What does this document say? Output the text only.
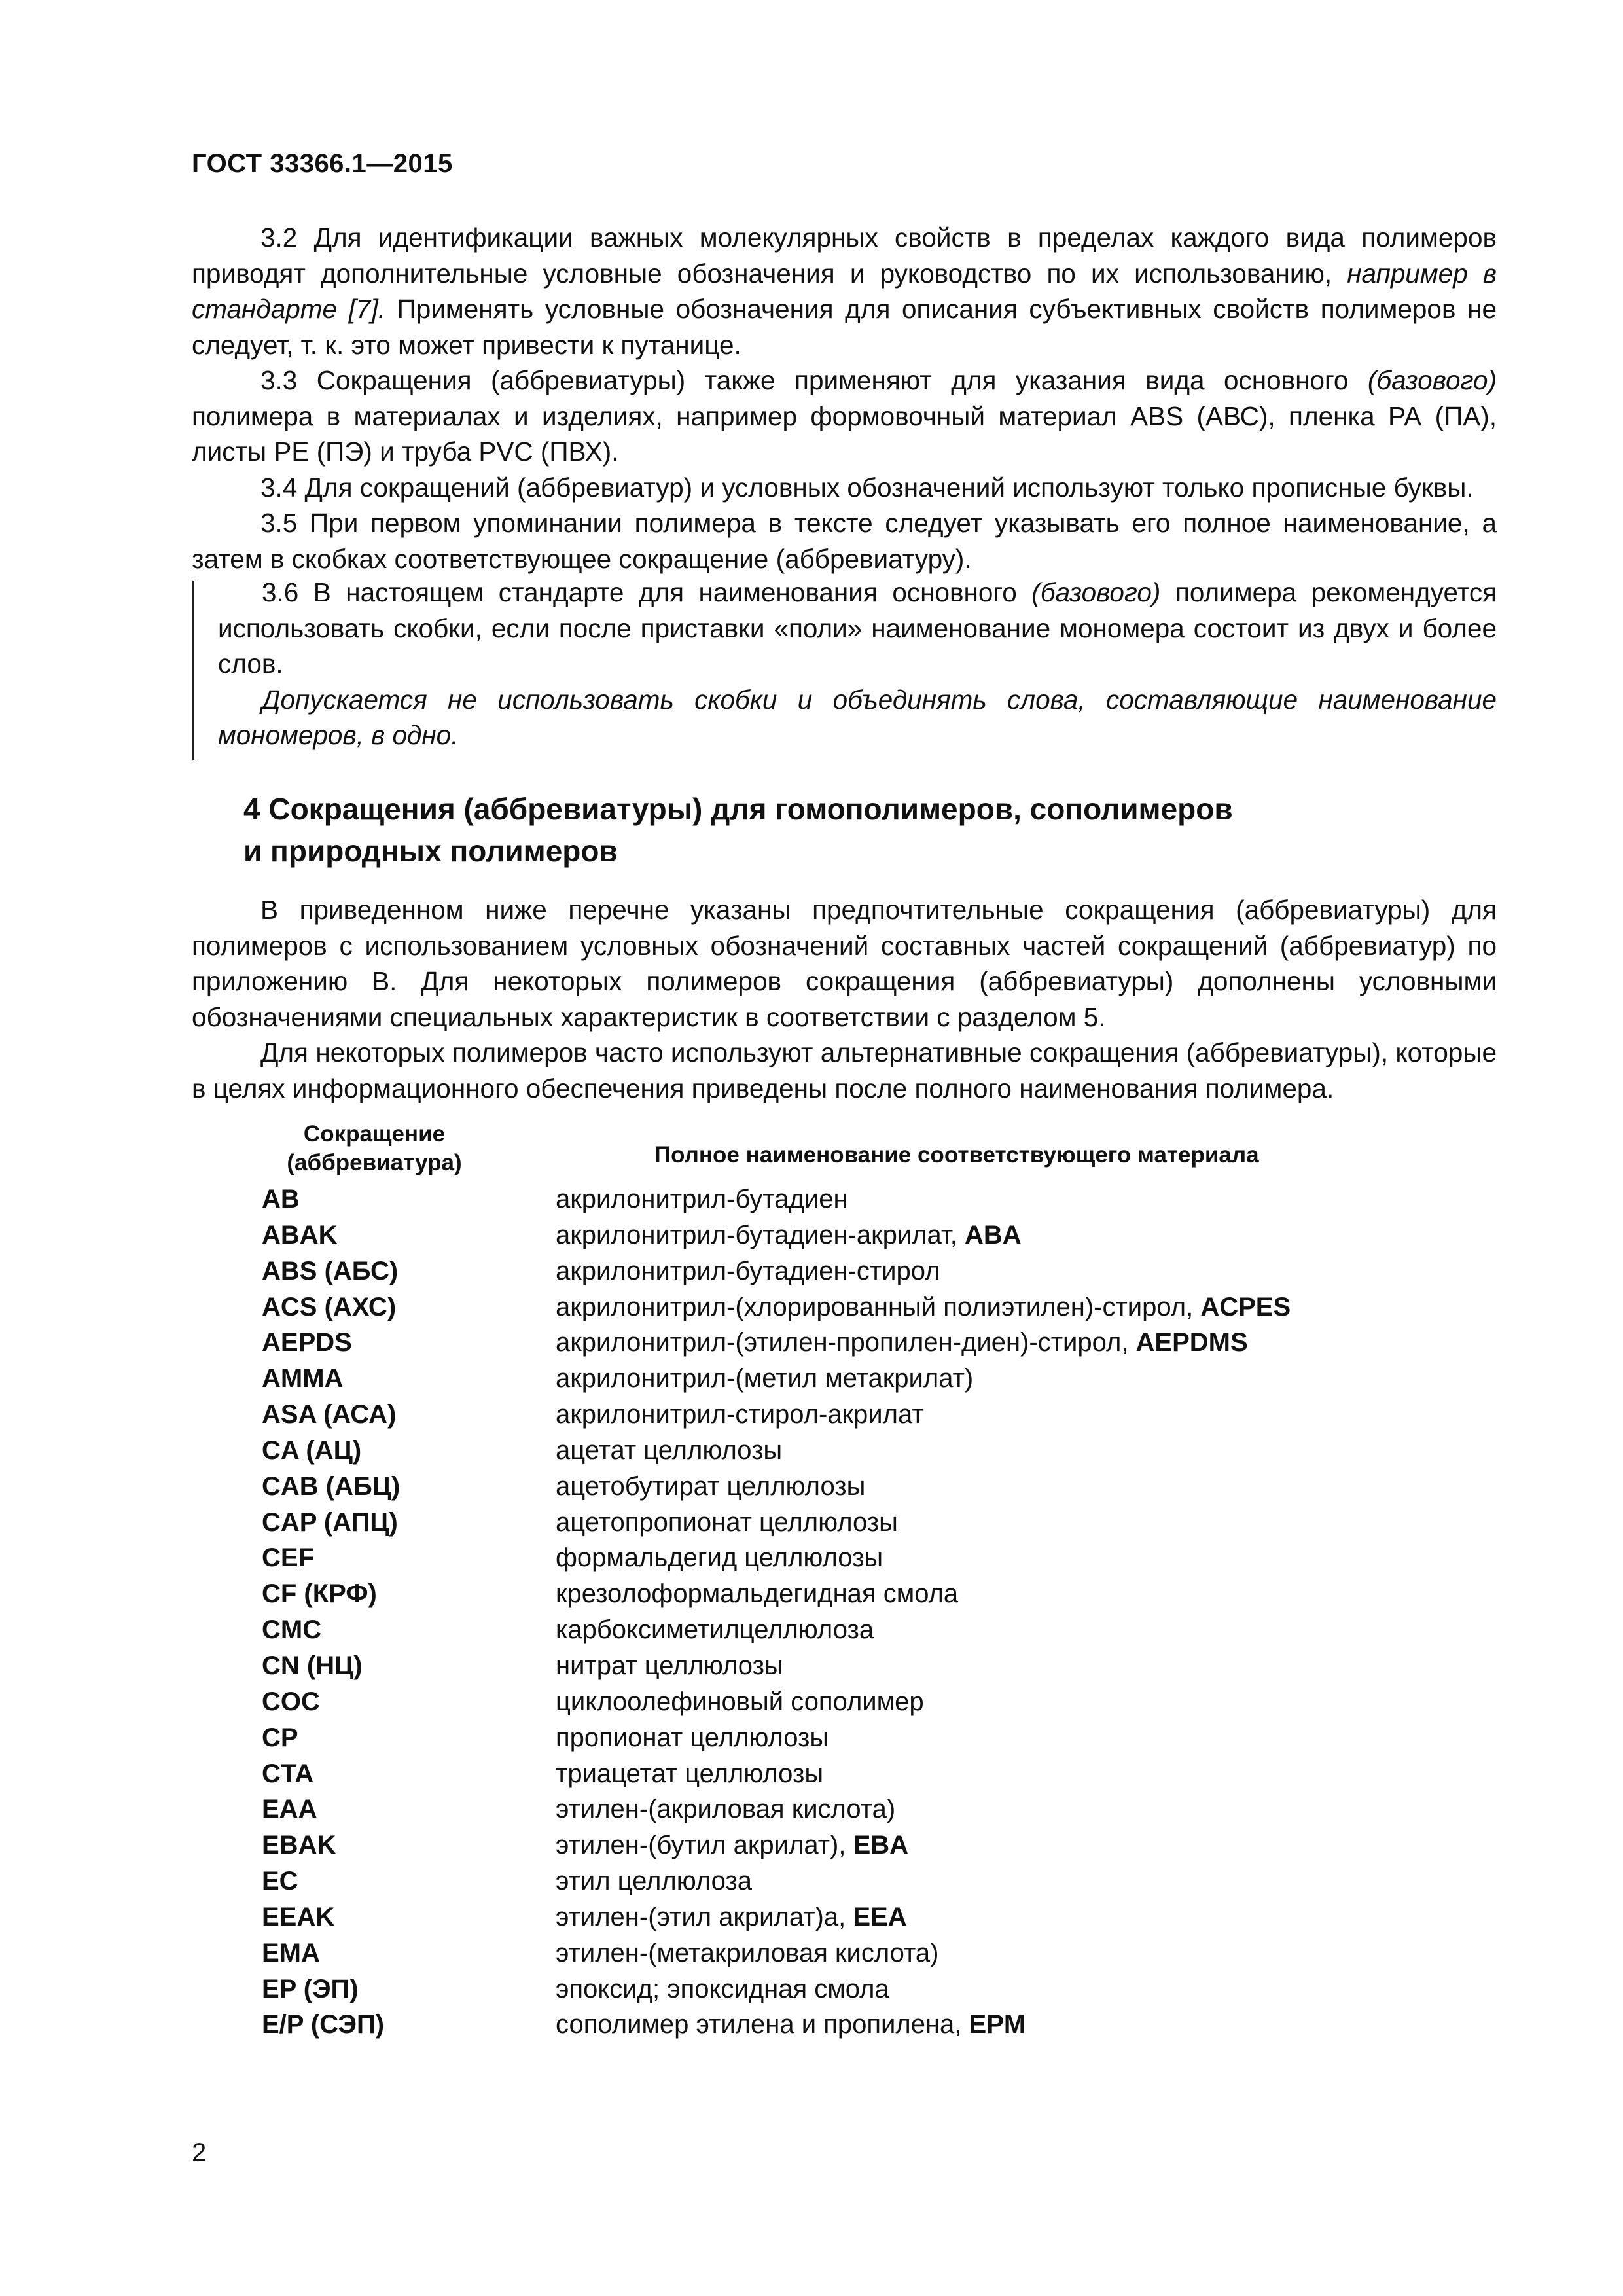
ГОСТ 33366.1—2015

3.2 Для идентификации важных молекулярных свойств в пределах каждого вида полимеров приводят дополнительные условные обозначения и руководство по их использованию, например в стандарте [7]. Применять условные обозначения для описания субъективных свойств полимеров не следует, т. к. это может привести к путанице.

3.3 Сокращения (аббревиатуры) также применяют для указания вида основного (базового) полимера в материалах и изделиях, например формовочный материал ABS (АВС), пленка РА (ПА), листы РЕ (ПЭ) и труба PVC (ПВХ).

3.4 Для сокращений (аббревиатур) и условных обозначений используют только прописные буквы.

3.5 При первом упоминании полимера в тексте следует указывать его полное наименование, а затем в скобках соответствующее сокращение (аббревиатуру).

3.6 В настоящем стандарте для наименования основного (базового) полимера рекомендуется использовать скобки, если после приставки «поли» наименование мономера состоит из двух и более слов.

Допускается не использовать скобки и объединять слова, составляющие наименование мономеров, в одно.

4 Сокращения (аббревиатуры) для гомополимеров, сополимеров
и природных полимеров

В приведенном ниже перечне указаны предпочтительные сокращения (аббревиатуры) для полимеров с использованием условных обозначений составных частей сокращений (аббревиатур) по приложению В. Для некоторых полимеров сокращения (аббревиатуры) дополнены условными обозначениями специальных характеристик в соответствии с разделом 5.

Для некоторых полимеров часто используют альтернативные сокращения (аббревиатуры), которые в целях информационного обеспечения приведены после полного наименования полимера.

Сокращение
(аббревиатура)	Полное наименование соответствующего материала
AB	акрилонитрил-бутадиен
ABAK	акрилонитрил-бутадиен-акрилат, ABA
ABS (АБС)	акрилонитрил-бутадиен-стирол
ACS (АХС)	акрилонитрил-(хлорированный полиэтилен)-стирол, ACPES
AEPDS	акрилонитрил-(этилен-пропилен-диен)-стирол, AEPDMS
AMMA	акрилонитрил-(метил метакрилат)
ASA (АСА)	акрилонитрил-стирол-акрилат
CA (АЦ)	ацетат целлюлозы
CAB (АБЦ)	ацетобутират целлюлозы
CAP (АПЦ)	ацетопропионат целлюлозы
CEF	формальдегид целлюлозы
CF (КРФ)	крезолоформальдегидная смола
CMC	карбоксиметилцеллюлоза
CN (НЦ)	нитрат целлюлозы
COC	циклоолефиновый сополимер
CP	пропионат целлюлозы
CTA	триацетат целлюлозы
EAA	этилен-(акриловая кислота)
EBAK	этилен-(бутил акрилат), EBA
EC	этил целлюлоза
EEAK	этилен-(этил акрилат)а, EEA
EMA	этилен-(метакриловая кислота)
EP (ЭП)	эпоксид; эпоксидная смола
E/P (СЭП)	сополимер этилена и пропилена, EPM
2
